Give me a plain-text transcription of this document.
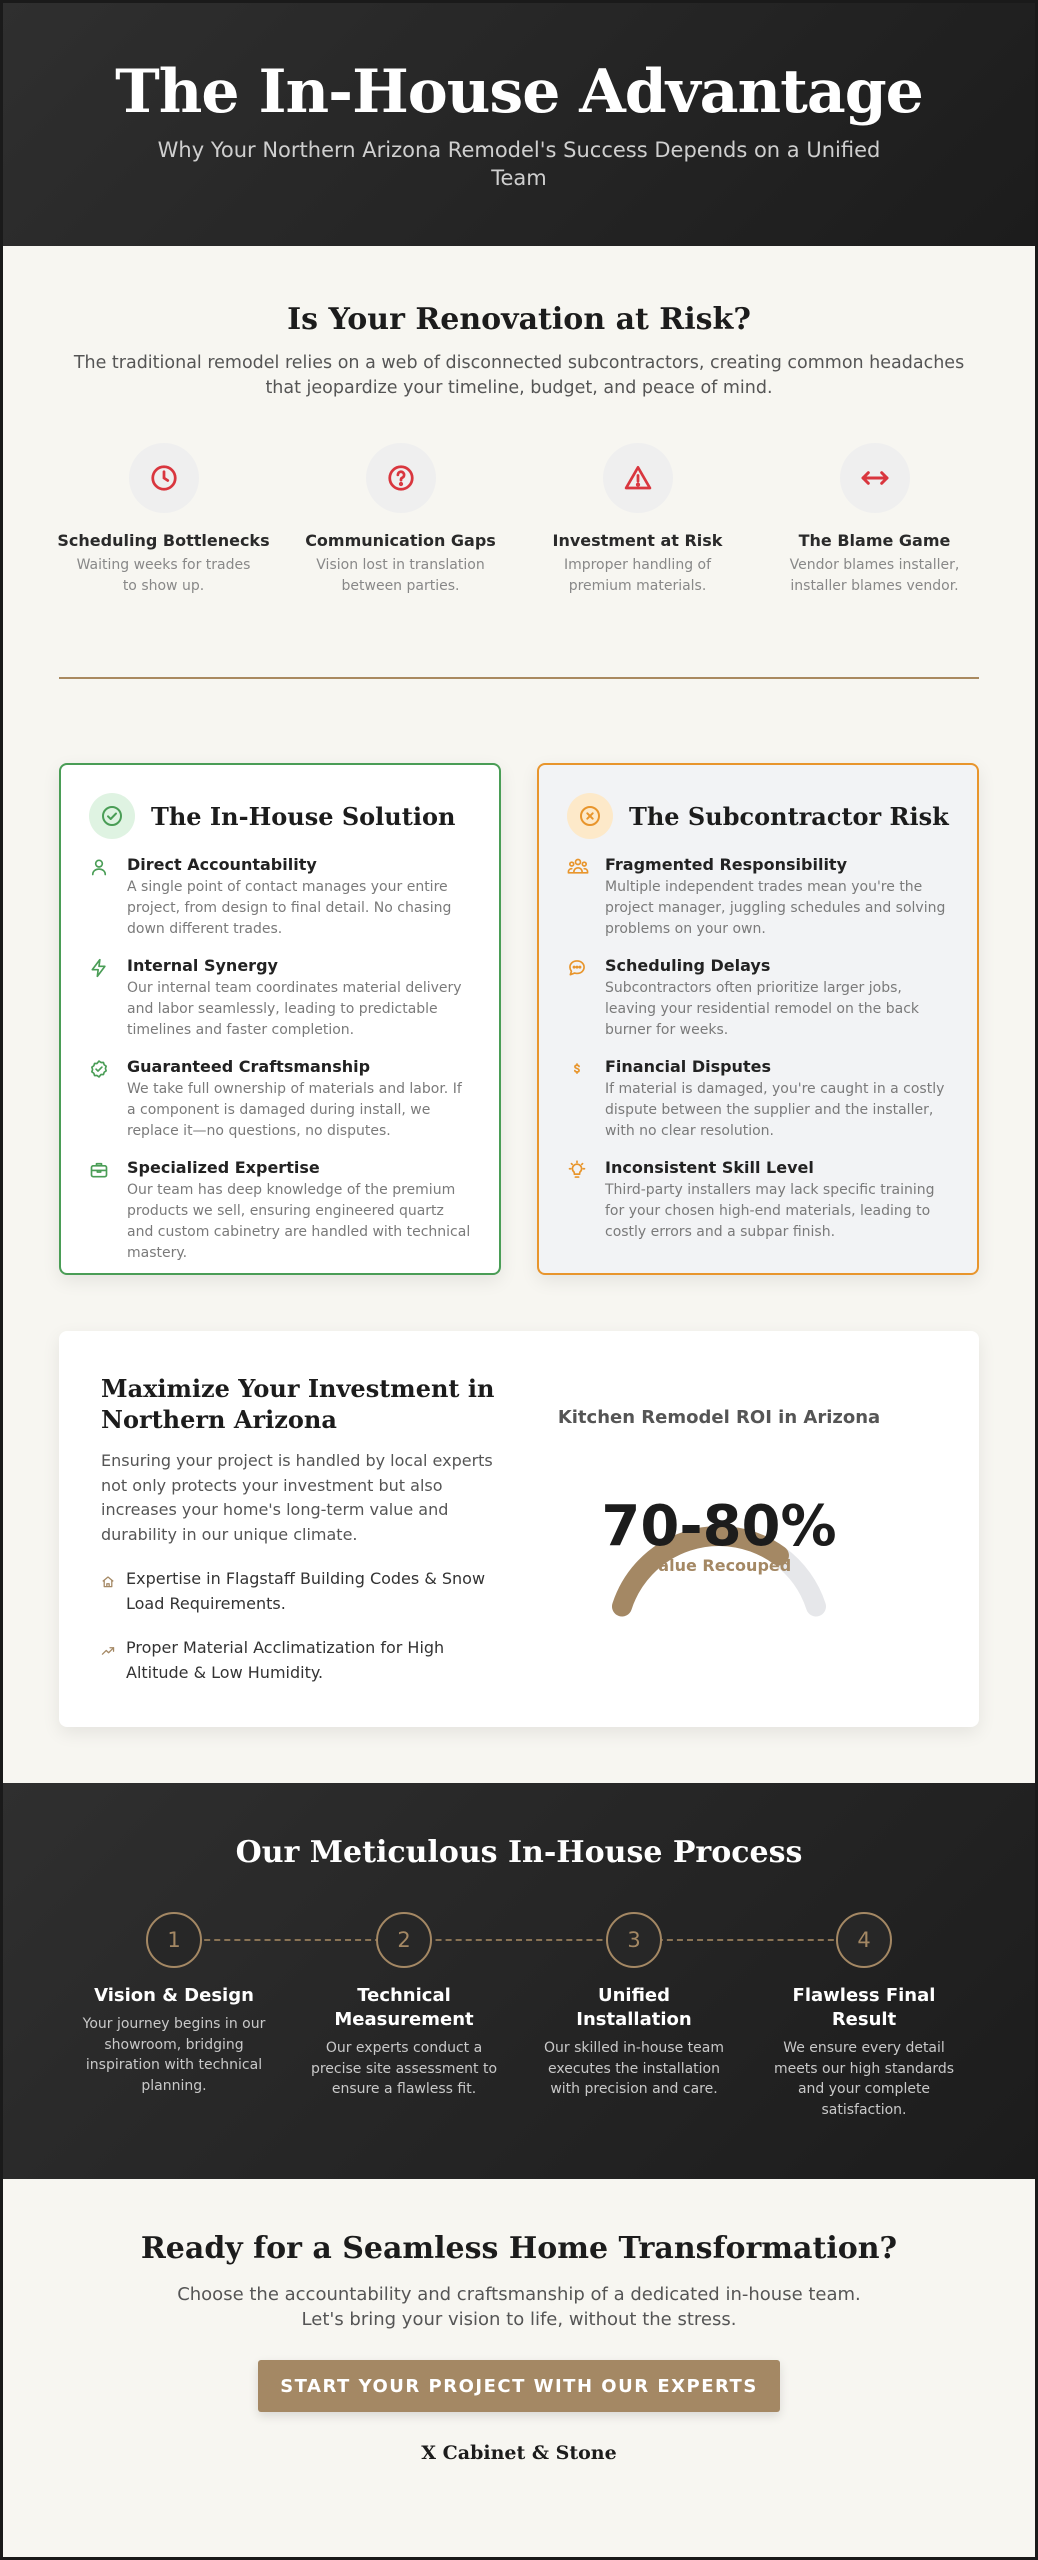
The In-House Advantage

Why Your Northern Arizona Remodel's Success Depends on a Unified Team

Is Your Renovation at Risk?

The traditional remodel relies on a web of disconnected subcontractors, creating common headaches that jeopardize your timeline, budget, and peace of mind.

Scheduling Bottlenecks

Waiting weeks for trades to show up.

Communication Gaps

Vision lost in translation between parties.

Investment at Risk

Improper handling of premium materials.

The Blame Game

Vendor blames installer, installer blames vendor.

The In-House Solution
Direct Accountability

A single point of contact manages your entire project, from design to final detail. No chasing down different trades.

Internal Synergy

Our internal team coordinates material delivery and labor seamlessly, leading to predictable timelines and faster completion.

Guaranteed Craftsmanship

We take full ownership of materials and labor. If a component is damaged during install, we replace it—no questions, no disputes.

Specialized Expertise

Our team has deep knowledge of the premium products we sell, ensuring engineered quartz and custom cabinetry are handled with technical mastery.

The Subcontractor Risk
Fragmented Responsibility

Multiple independent trades mean you're the project manager, juggling schedules and solving problems on your own.

Scheduling Delays

Subcontractors often prioritize larger jobs, leaving your residential remodel on the back burner for weeks.

Financial Disputes

If material is damaged, you're caught in a costly dispute between the supplier and the installer, with no clear resolution.

Inconsistent Skill Level

Third-party installers may lack specific training for your chosen high-end materials, leading to costly errors and a subpar finish.

Maximize Your Investment in Northern Arizona

Ensuring your project is handled by local experts not only protects your investment but also increases your home's long-term value and durability in our unique climate.

Expertise in Flagstaff Building Codes & Snow Load Requirements.
Proper Material Acclimatization for High Altitude & Low Humidity.
Kitchen Remodel ROI in Arizona
70-80%
Value Recouped
Our Meticulous In-House Process
1
Vision & Design

Your journey begins in our showroom, bridging inspiration with technical planning.

2
Technical Measurement

Our experts conduct a precise site assessment to ensure a flawless fit.

3
Unified Installation

Our skilled in-house team executes the installation with precision and care.

4
Flawless Final Result

We ensure every detail meets our high standards and your complete satisfaction.

Ready for a Seamless Home Transformation?

Choose the accountability and craftsmanship of a dedicated in-house team. Let's bring your vision to life, without the stress.

START YOUR PROJECT WITH OUR EXPERTS
X Cabinet & Stone
